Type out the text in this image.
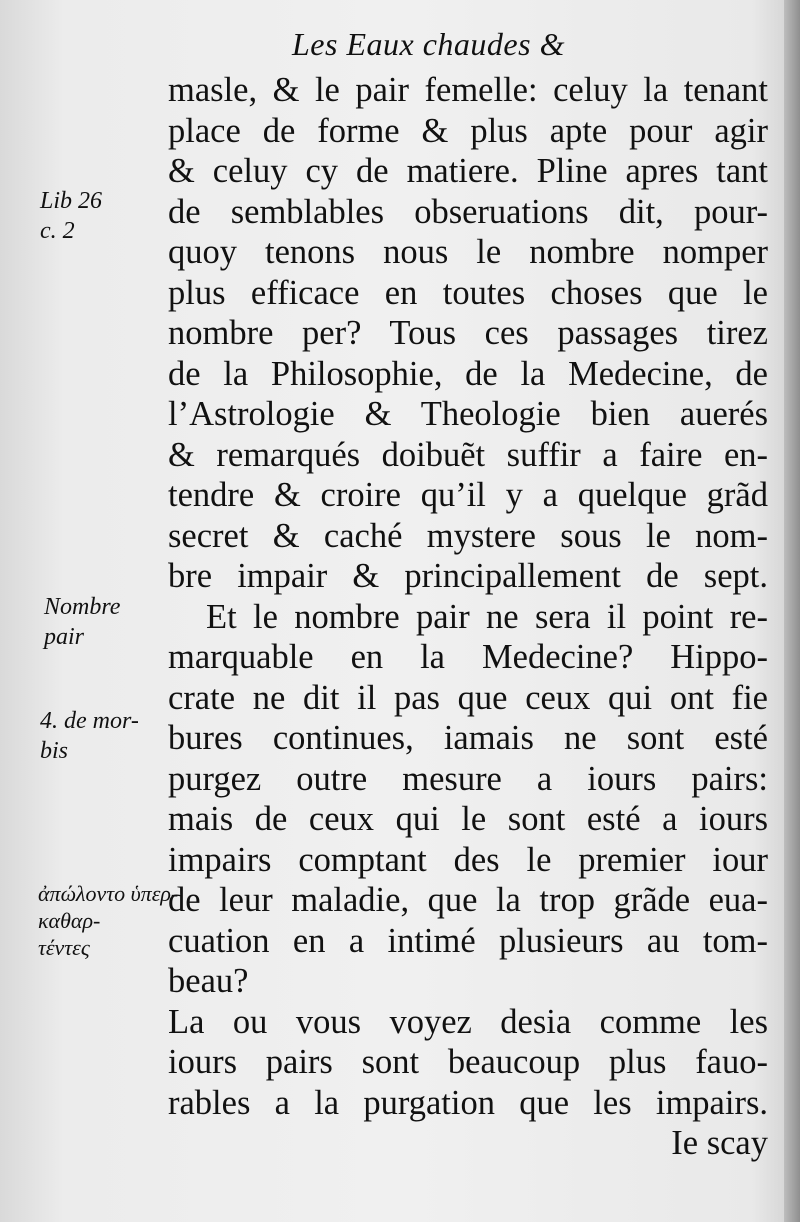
Les Eaux chaudes &
Lib 26
c. 2
Nombre
pair
4. de mor-
bis
ἀπώλοντο ὑπερ-
καθαρ-
τέντες
masle, & le pair femelle: celuy la tenant
place de forme & plus apte pour agir
& celuy cy de matiere. Pline apres tant
de semblables obseruations dit, pour-
quoy tenons nous le nombre nomper
plus efficace en toutes choses que le
nombre per? Tous ces passages tirez
de la Philosophie, de la Medecine, de
l’Astrologie & Theologie bien auerés
& remarqués doibuẽt suffir a faire en-
tendre & croire qu’il y a quelque grãd
secret & caché mystere sous le nom-
bre impair & principallement de sept.
Et le nombre pair ne sera il point re-
marquable en la Medecine? Hippo-
crate ne dit il pas que ceux qui ont fie
bures continues, iamais ne sont esté
purgez outre mesure a iours pairs:
mais de ceux qui le sont esté a iours
impairs comptant des le premier iour
de leur maladie, que la trop grãde eua-
cuation en a intimé plusieurs au tom-
beau?
La ou vous voyez desia comme les
iours pairs sont beaucoup plus fauo-
rables a la purgation que les impairs.
Ie scay
